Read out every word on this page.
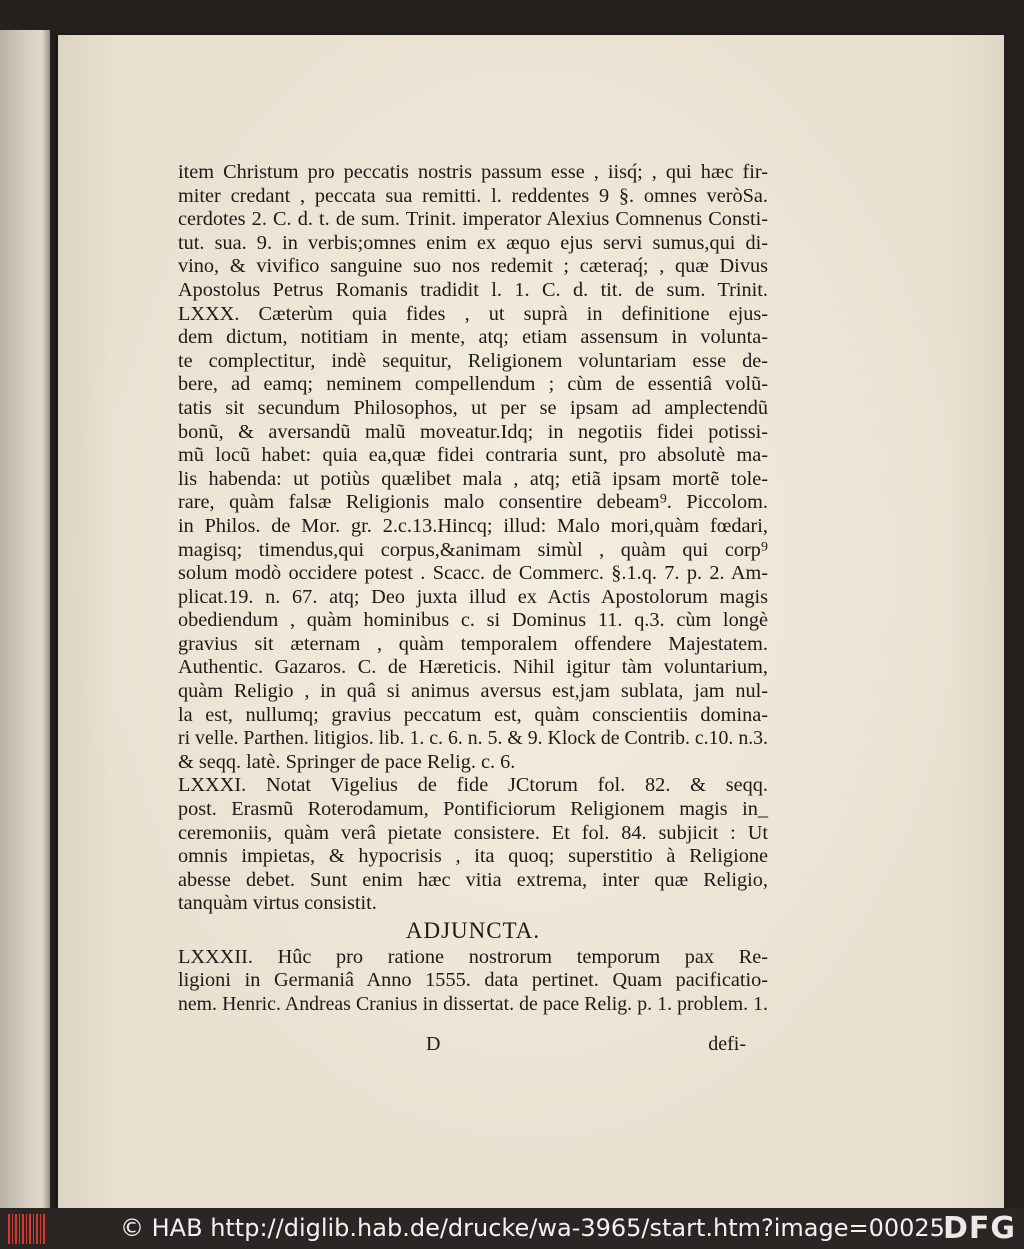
item Christum pro peccatis nostris passum esse , iisq́; , qui hæc fir-
miter credant , peccata sua remitti. l. reddentes 9 §. omnes veròSa.
cerdotes 2. C. d. t. de sum. Trinit. imperator Alexius Comnenus Consti-
tut. sua. 9. in verbis;omnes enim ex æquo ejus servi sumus,qui di-
vino, & vivifico sanguine suo nos redemit ; cæteraq́; , quæ Divus
Apostolus Petrus Romanis tradidit l. 1. C. d. tit. de sum. Trinit.
LXXX. Cæterùm quia fides , ut suprà in definitione ejus-
dem dictum, notitiam in mente, atq; etiam assensum in volunta-
te complectitur, indè sequitur, Religionem voluntariam esse de-
bere, ad eamq; neminem compellendum ; cùm de essentiâ volũ-
tatis sit secundum Philosophos, ut per se ipsam ad amplectendũ
bonũ, & aversandũ malũ moveatur.Idq; in negotiis fidei potissi-
mũ locũ habet: quia ea,quæ fidei contraria sunt, pro absolutè ma-
lis habenda: ut potiùs quælibet mala , atq; etiã ipsam mortẽ tole-
rare, quàm falsæ Religionis malo consentire debeam⁹. Piccolom.
in Philos. de Mor. gr. 2.c.13.Hincq; illud: Malo mori,quàm fœdari,
magisq; timendus,qui corpus,&animam simùl , quàm qui corp⁹
solum modò occidere potest . Scacc. de Commerc. §.1.q. 7. p. 2. Am-
plicat.19. n. 67. atq; Deo juxta illud ex Actis Apostolorum magis
obediendum , quàm hominibus c. si Dominus 11. q.3. cùm longè
gravius sit æternam , quàm temporalem offendere Majestatem.
Authentic. Gazaros. C. de Hæreticis. Nihil igitur tàm voluntarium,
quàm Religio , in quâ si animus aversus est,jam sublata, jam nul-
la est, nullumq; gravius peccatum est, quàm conscientiis domina-
ri velle. Parthen. litigios. lib. 1. c. 6. n. 5. & 9. Klock de Contrib. c.10. n.3.
& seqq. latè. Springer de pace Relig. c. 6.
LXXXI. Notat Vigelius de fide JCtorum fol. 82. & seqq.
post. Erasmũ Roterodamum, Pontificiorum Religionem magis in_
ceremoniis, quàm verâ pietate consistere. Et fol. 84. subjicit : Ut
omnis impietas, & hypocrisis , ita quoq; superstitio à Religione
abesse debet. Sunt enim hæc vitia extrema, inter quæ Religio,
tanquàm virtus consistit.
ADJUNCTA.
LXXXII. Hûc pro ratione nostrorum temporum pax Re-
ligioni in Germaniâ Anno 1555. data pertinet. Quam pacificatio-
nem. Henric. Andreas Cranius in dissertat. de pace Relig. p. 1. problem. 1.
D	defi-
© HAB http://diglib.hab.de/drucke/wa-3965/start.htm?image=00025
DFG
